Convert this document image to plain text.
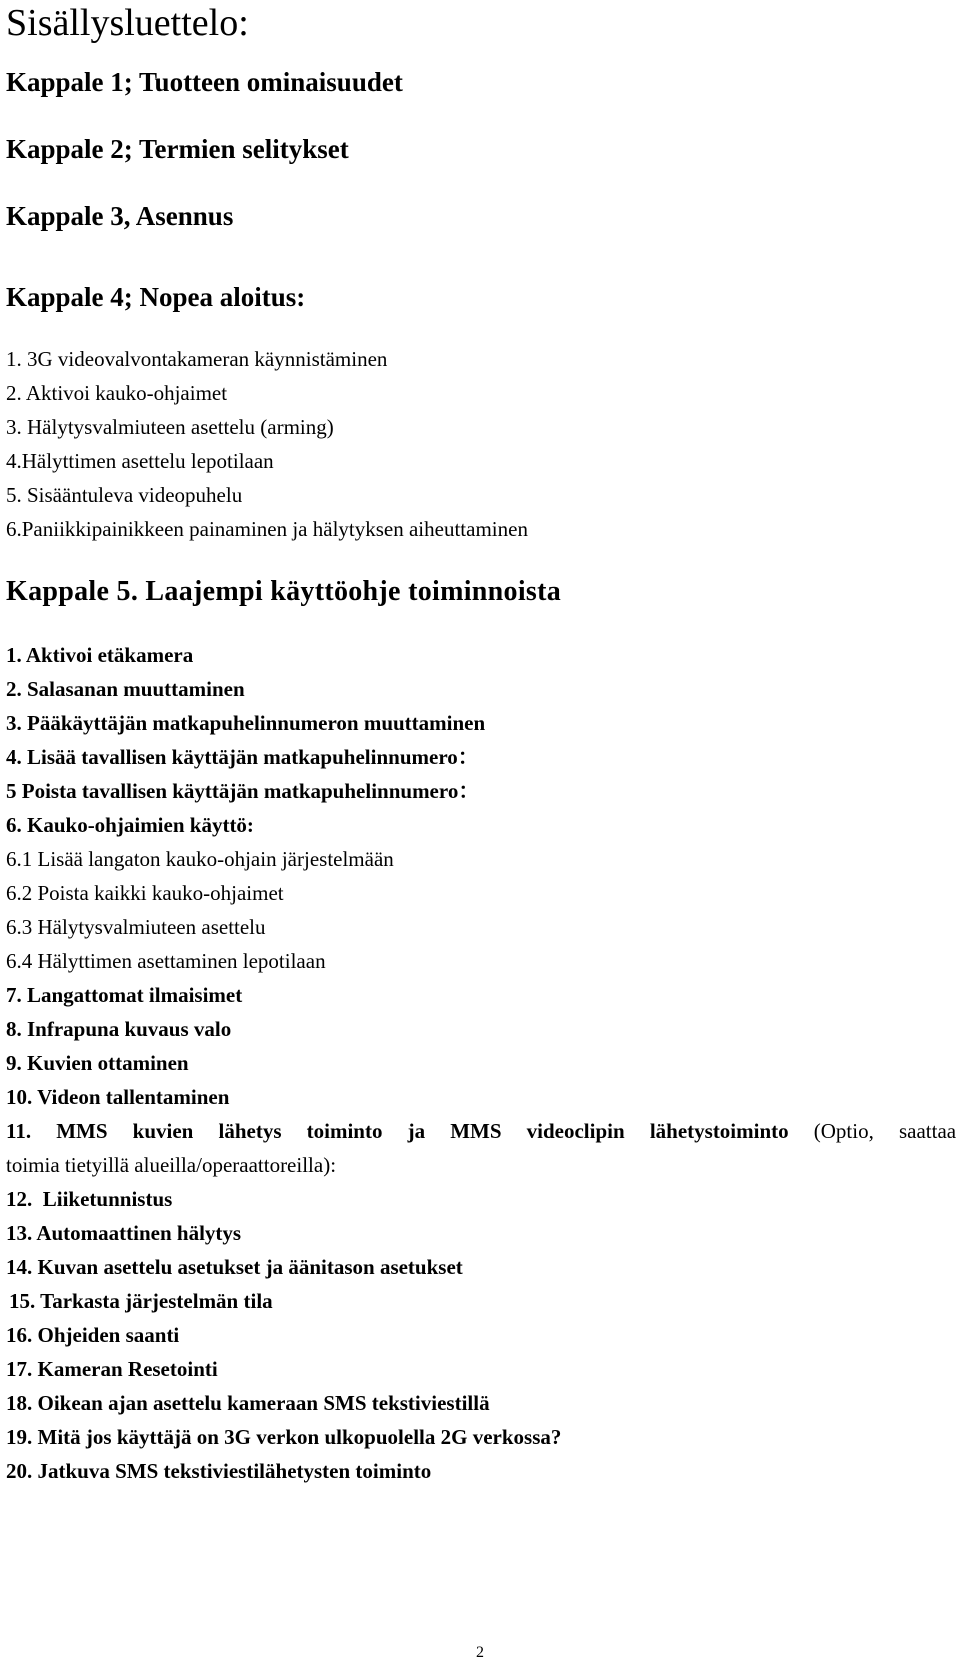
Sisällysluettelo:
Kappale 1; Tuotteen ominaisuudet
Kappale 2; Termien selitykset
Kappale 3, Asennus
Kappale 4; Nopea aloitus:
1. 3G videovalvontakameran käynnistäminen
2. Aktivoi kauko-ohjaimet
3. Hälytysvalmiuteen asettelu (arming)
4.Hälyttimen asettelu lepotilaan
5. Sisääntuleva videopuhelu
6.Paniikkipainikkeen painaminen ja hälytyksen aiheuttaminen
Kappale 5. Laajempi käyttöohje toiminnoista
1. Aktivoi etäkamera
2. Salasanan muuttaminen
3. Pääkäyttäjän matkapuhelinnumeron muuttaminen
4. Lisää tavallisen käyttäjän matkapuhelinnumero：
5 Poista tavallisen käyttäjän matkapuhelinnumero：
6. Kauko-ohjaimien käyttö:
6.1 Lisää langaton kauko-ohjain järjestelmään
6.2 Poista kaikki kauko-ohjaimet
6.3 Hälytysvalmiuteen asettelu
6.4 Hälyttimen asettaminen lepotilaan
7. Langattomat ilmaisimet
8. Infrapuna kuvaus valo
9. Kuvien ottaminen
10. Videon tallentaminen
11. MMS kuvien lähetys toiminto ja MMS videoclipin lähetystoiminto (Optio, saattaa
toimia tietyillä alueilla/operaattoreilla):
12.  Liiketunnistus
13. Automaattinen hälytys
14. Kuvan asettelu asetukset ja äänitason asetukset
15. Tarkasta järjestelmän tila
16. Ohjeiden saanti
17. Kameran Resetointi
18. Oikean ajan asettelu kameraan SMS tekstiviestillä
19. Mitä jos käyttäjä on 3G verkon ulkopuolella 2G verkossa?
20. Jatkuva SMS tekstiviestilähetysten toiminto
2
